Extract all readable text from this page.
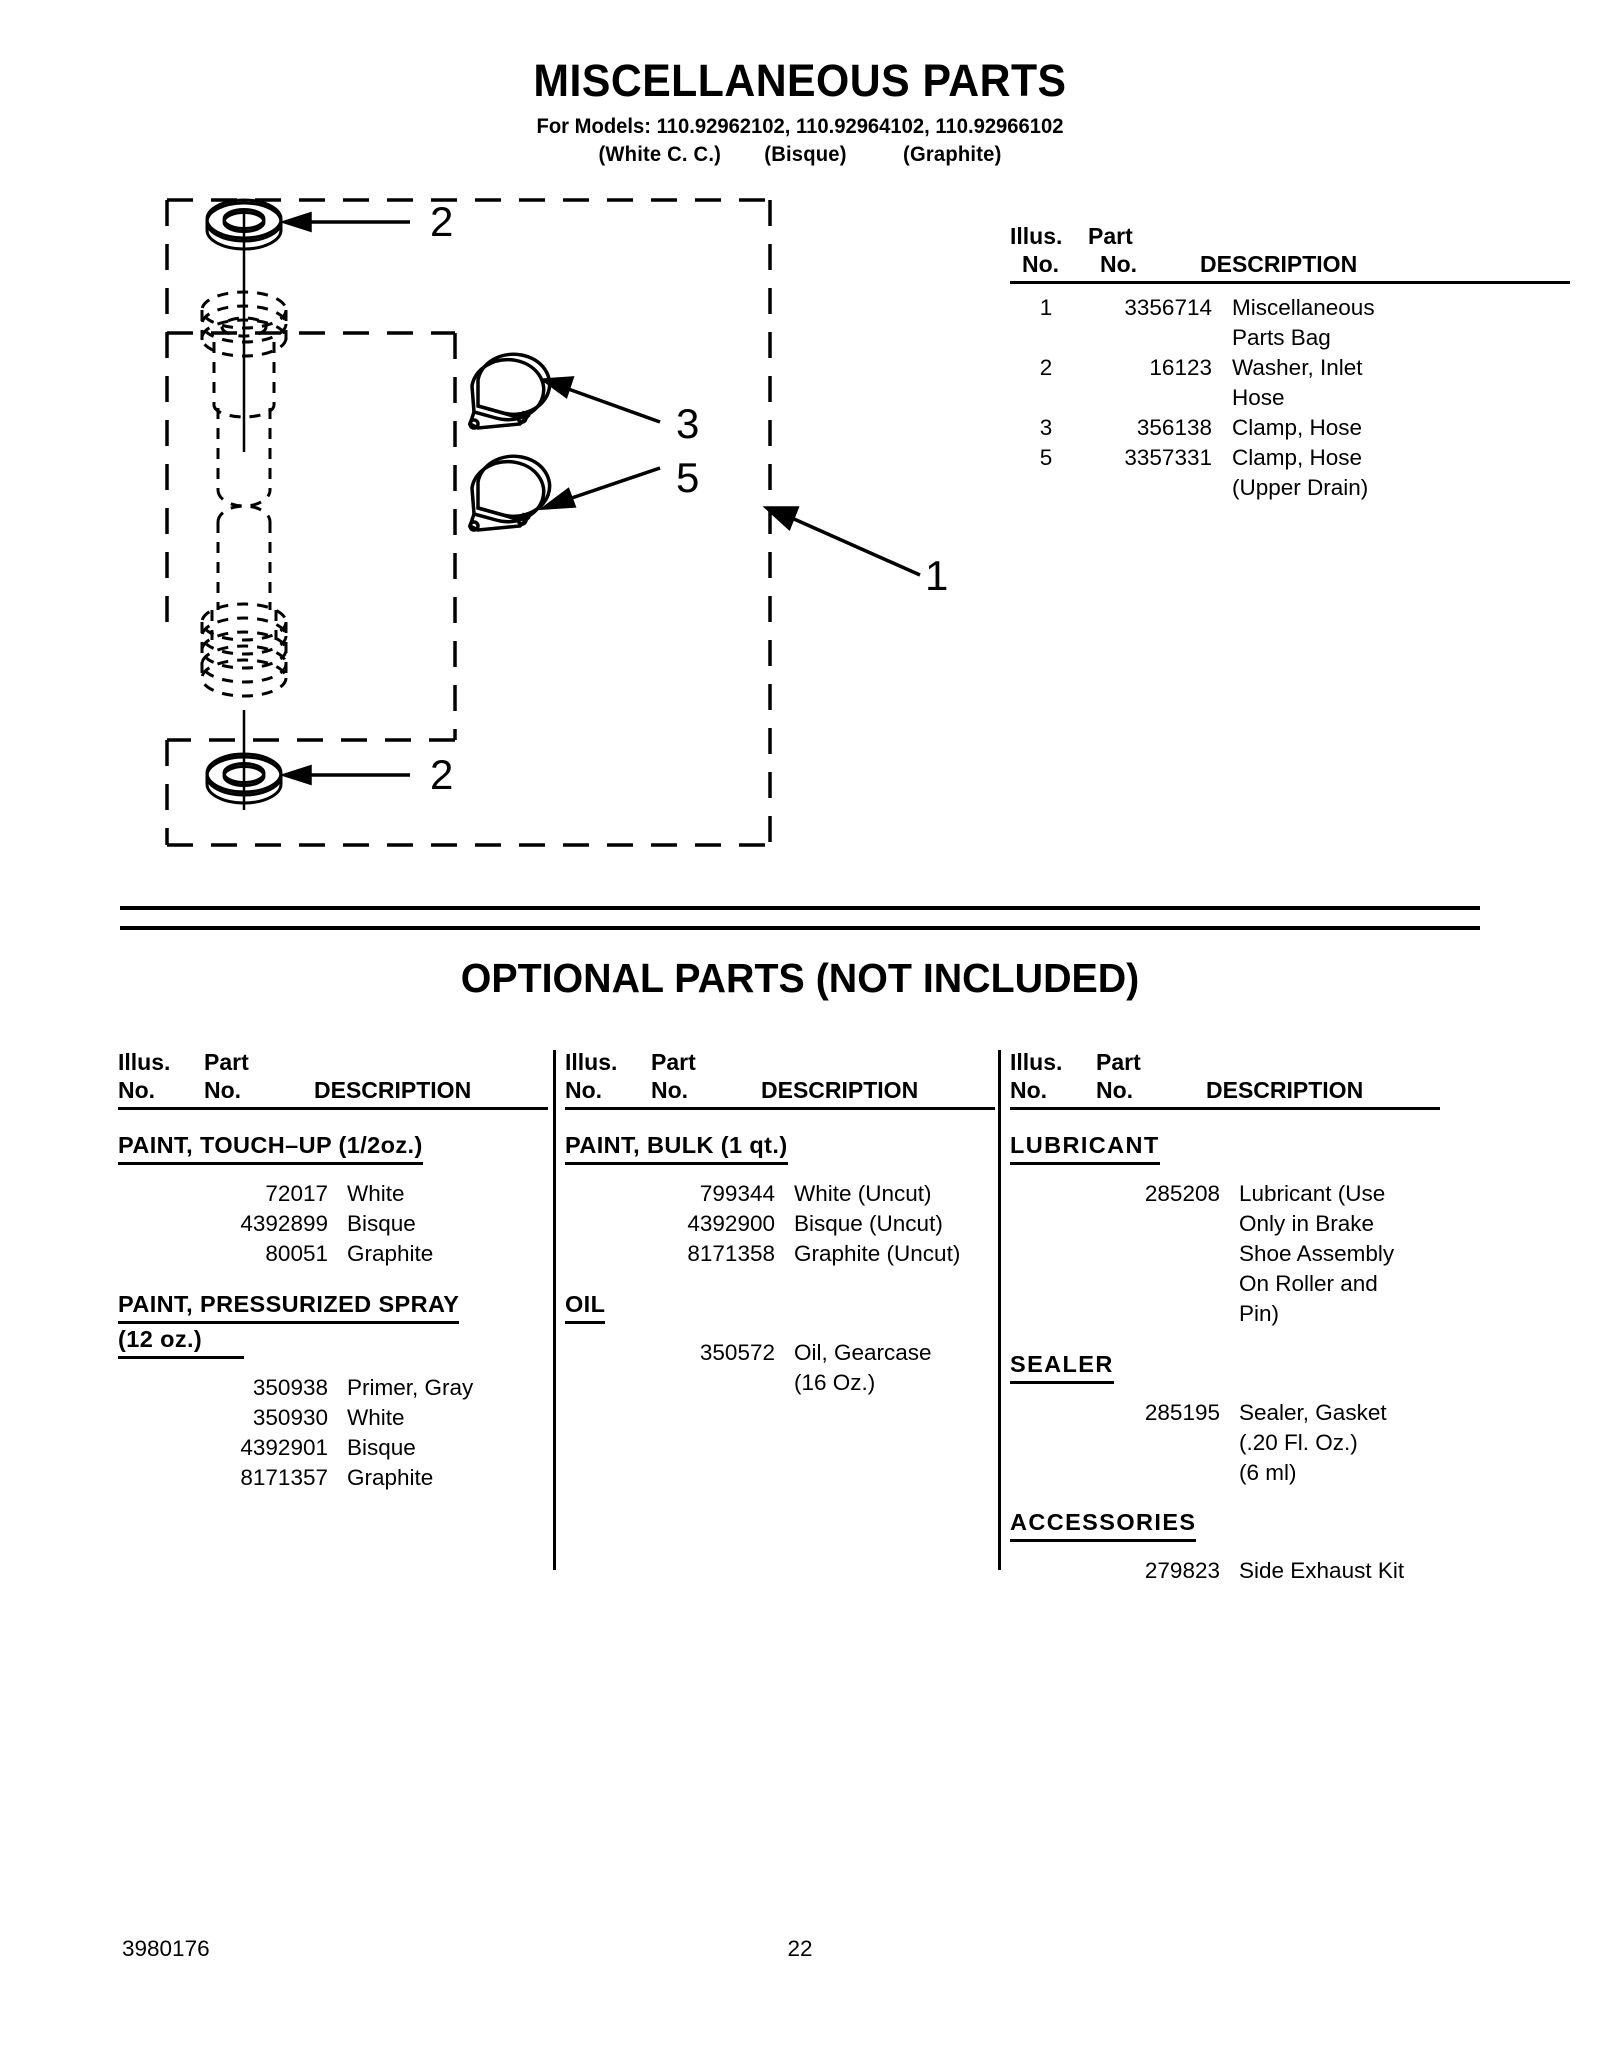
MISCELLANEOUS PARTS
For Models: 110.92962102, 110.92964102, 110.92966102
(White C. C.) (Bisque)	(Graphite)
2
2
3
5
1
Illus.	Part
No.	No.	DESCRIPTION
1	3356714 Miscellaneous
Parts Bag
2	16123 Washer, Inlet
Hose
3	356138 Clamp, Hose
5	3357331 Clamp, Hose
(Upper Drain)
OPTIONAL PARTS (NOT INCLUDED)
Illus.	Part
No.	No.	DESCRIPTION
PAINT, TOUCH–UP (1/2oz.)
72017 White
4392899 Bisque
80051 Graphite
PAINT, PRESSURIZED SPRAY
(12 oz.)
350938 Primer, Gray
350930 White
4392901 Bisque
8171357 Graphite
Illus.	Part
No.	No.	DESCRIPTION
PAINT, BULK (1 qt.)
799344 White (Uncut)
4392900 Bisque (Uncut)
8171358 Graphite (Uncut)
OIL
350572 Oil, Gearcase
(16 Oz.)
Illus.	Part
No.	No.	DESCRIPTION
LUBRICANT
285208 Lubricant (Use
Only in Brake
Shoe Assembly
On Roller and
Pin)
SEALER
285195 Sealer, Gasket
(.20 Fl. Oz.)
(6 ml)
ACCESSORIES
279823 Side Exhaust Kit
3980176	22
